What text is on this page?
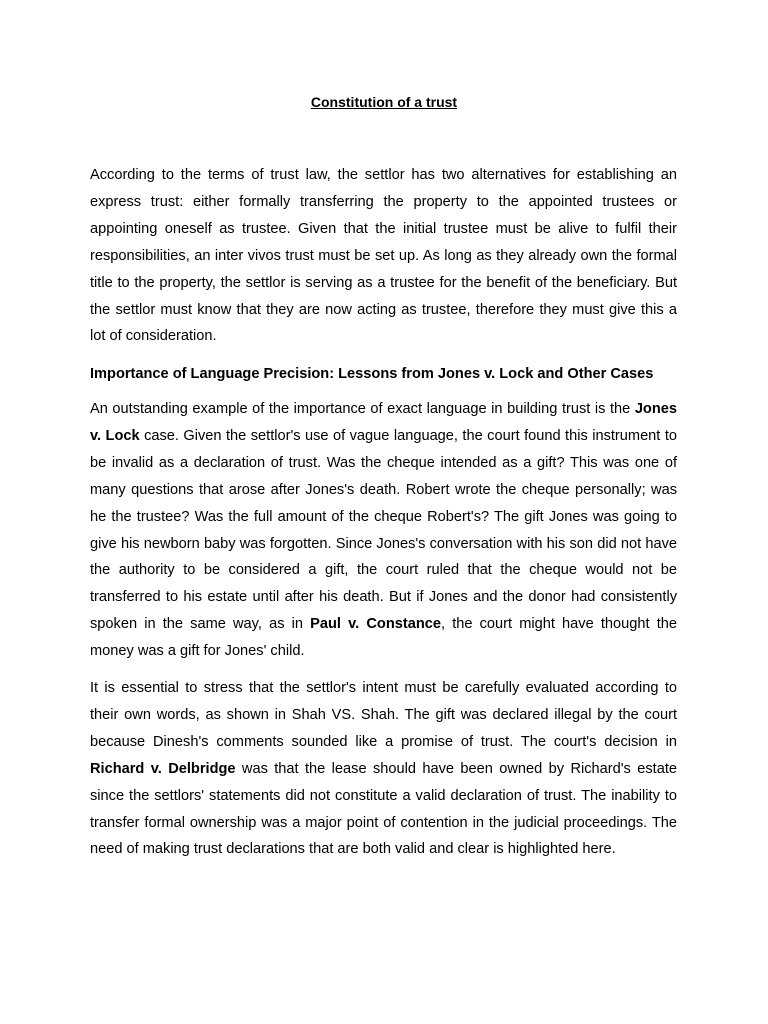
Constitution of a trust

According to the terms of trust law, the settlor has two alternatives for establishing an express trust: either formally transferring the property to the appointed trustees or appointing oneself as trustee. Given that the initial trustee must be alive to fulfil their responsibilities, an inter vivos trust must be set up. As long as they already own the formal title to the property, the settlor is serving as a trustee for the benefit of the beneficiary. But the settlor must know that they are now acting as trustee, therefore they must give this a lot of consideration.

Importance of Language Precision: Lessons from Jones v. Lock and Other Cases

An outstanding example of the importance of exact language in building trust is the Jones v. Lock case. Given the settlor's use of vague language, the court found this instrument to be invalid as a declaration of trust. Was the cheque intended as a gift? This was one of many questions that arose after Jones's death. Robert wrote the cheque personally; was he the trustee? Was the full amount of the cheque Robert's? The gift Jones was going to give his newborn baby was forgotten. Since Jones's conversation with his son did not have the authority to be considered a gift, the court ruled that the cheque would not be transferred to his estate until after his death. But if Jones and the donor had consistently spoken in the same way, as in Paul v. Constance, the court might have thought the money was a gift for Jones' child.

It is essential to stress that the settlor's intent must be carefully evaluated according to their own words, as shown in Shah VS. Shah. The gift was declared illegal by the court because Dinesh's comments sounded like a promise of trust. The court's decision in Richard v. Delbridge was that the lease should have been owned by Richard's estate since the settlors' statements did not constitute a valid declaration of trust. The inability to transfer formal ownership was a major point of contention in the judicial proceedings. The need of making trust declarations that are both valid and clear is highlighted here.
